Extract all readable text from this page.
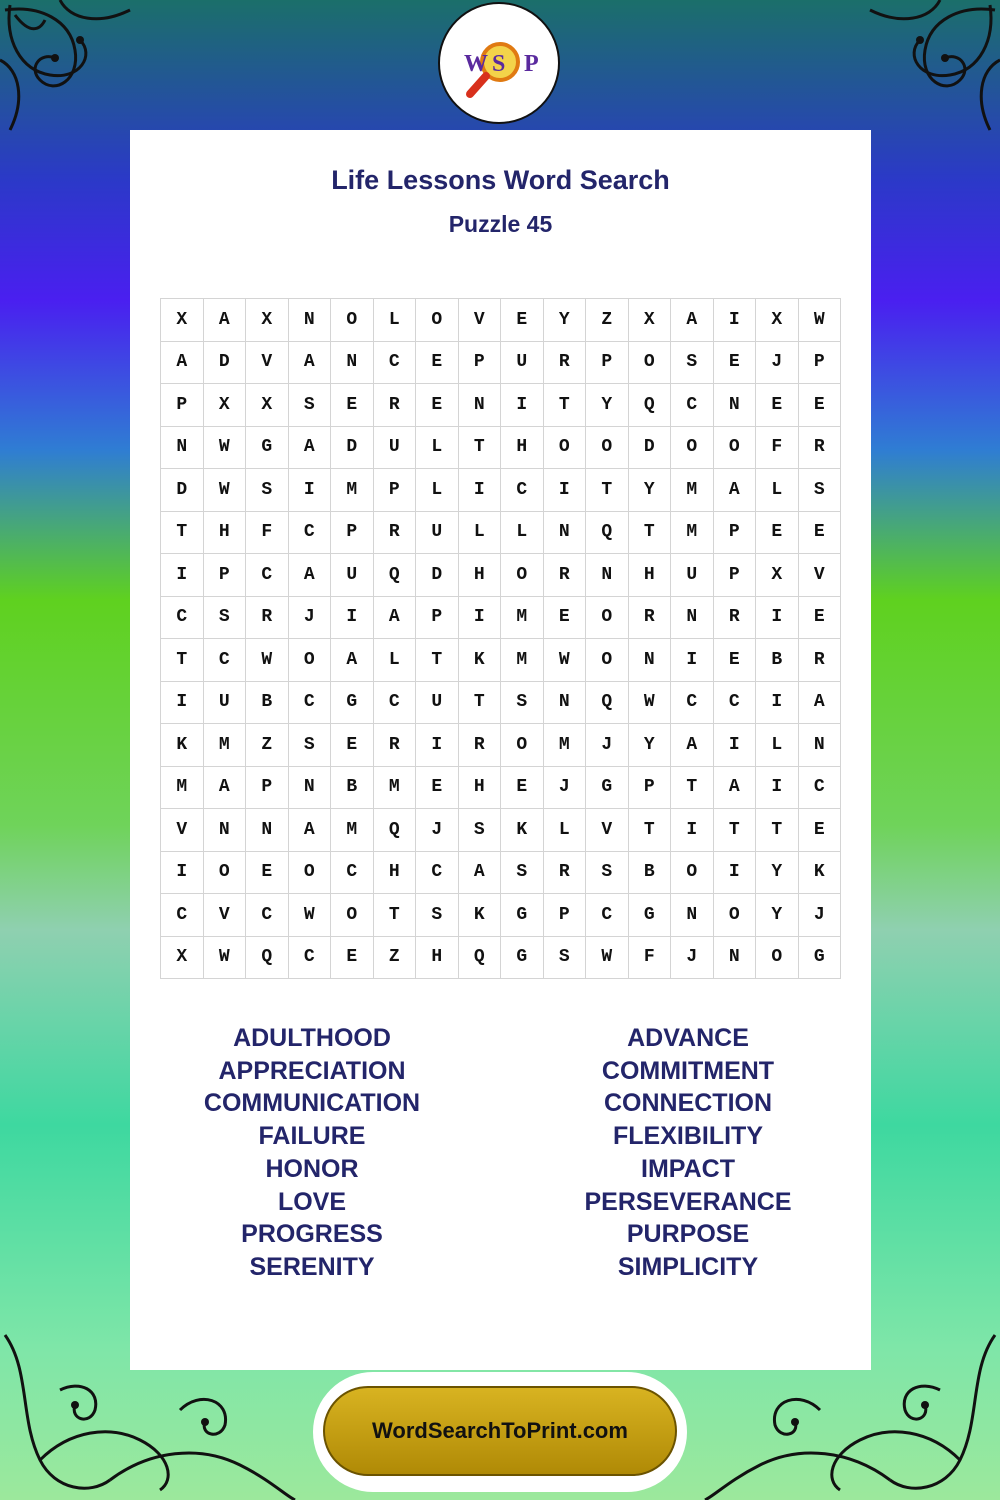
W S P
Life Lessons Word Search
Puzzle 45
X	A	X	N	O	L	O	V	E	Y	Z	X	A	I	X	W
A	D	V	A	N	C	E	P	U	R	P	O	S	E	J	P
P	X	X	S	E	R	E	N	I	T	Y	Q	C	N	E	E
N	W	G	A	D	U	L	T	H	O	O	D	O	O	F	R
D	W	S	I	M	P	L	I	C	I	T	Y	M	A	L	S
T	H	F	C	P	R	U	L	L	N	Q	T	M	P	E	E
I	P	C	A	U	Q	D	H	O	R	N	H	U	P	X	V
C	S	R	J	I	A	P	I	M	E	O	R	N	R	I	E
T	C	W	O	A	L	T	K	M	W	O	N	I	E	B	R
I	U	B	C	G	C	U	T	S	N	Q	W	C	C	I	A
K	M	Z	S	E	R	I	R	O	M	J	Y	A	I	L	N
M	A	P	N	B	M	E	H	E	J	G	P	T	A	I	C
V	N	N	A	M	Q	J	S	K	L	V	T	I	T	T	E
I	O	E	O	C	H	C	A	S	R	S	B	O	I	Y	K
C	V	C	W	O	T	S	K	G	P	C	G	N	O	Y	J
X	W	Q	C	E	Z	H	Q	G	S	W	F	J	N	O	G
ADULTHOOD
APPRECIATION
COMMUNICATION
FAILURE
HONOR
LOVE
PROGRESS
SERENITY
ADVANCE
COMMITMENT
CONNECTION
FLEXIBILITY
IMPACT
PERSEVERANCE
PURPOSE
SIMPLICITY
WordSearchToPrint.com
